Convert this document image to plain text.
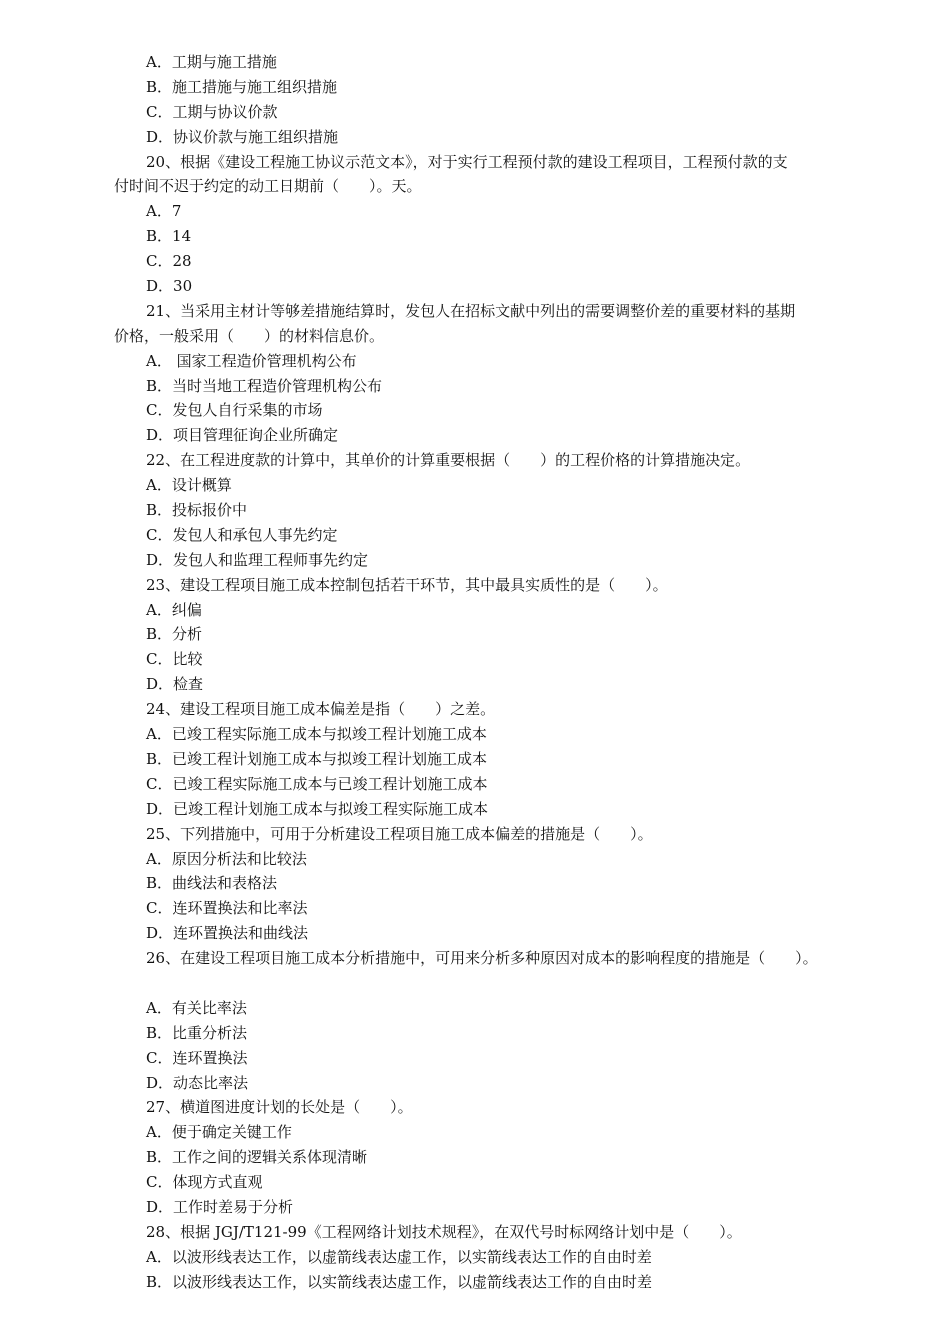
A．工期与施工措施
B．施工措施与施工组织措施
C．工期与协议价款
D．协议价款与施工组织措施
20、根据《建设工程施工协议示范文本》，对于实行工程预付款的建设工程项目，工程预付款的支
付时间不迟于约定的动工日期前（　　）。天。
A．7
B．14
C．28
D．30
21、当采用主材计等够差措施结算时，发包人在招标文献中列出的需要调整价差的重要材料的基期
价格，一般采用（　　）的材料信息价。
A． 国家工程造价管理机构公布
B．当时当地工程造价管理机构公布
C．发包人自行采集的市场
D．项目管理征询企业所确定
22、在工程进度款的计算中，其单价的计算重要根据（　　）的工程价格的计算措施决定。
A．设计概算
B．投标报价中
C．发包人和承包人事先约定
D．发包人和监理工程师事先约定
23、建设工程项目施工成本控制包括若干环节，其中最具实质性的是（　　）。
A．纠偏
B．分析
C．比较
D．检查
24、建设工程项目施工成本偏差是指（　　）之差。
A．已竣工程实际施工成本与拟竣工程计划施工成本
B．已竣工程计划施工成本与拟竣工程计划施工成本
C．已竣工程实际施工成本与已竣工程计划施工成本
D．已竣工程计划施工成本与拟竣工程实际施工成本
25、下列措施中，可用于分析建设工程项目施工成本偏差的措施是（　　）。
A．原因分析法和比较法
B．曲线法和表格法
C．连环置换法和比率法
D．连环置换法和曲线法
26、在建设工程项目施工成本分析措施中，可用来分析多种原因对成本的影响程度的措施是（　　）。
A．有关比率法
B．比重分析法
C．连环置换法
D．动态比率法
27、横道图进度计划的长处是（　　）。
A．便于确定关键工作
B．工作之间的逻辑关系体现清晰
C．体现方式直观
D．工作时差易于分析
28、根据 JGJ/T121-99《工程网络计划技术规程》，在双代号时标网络计划中是（　　）。
A．以波形线表达工作，以虚箭线表达虚工作，以实箭线表达工作的自由时差
B．以波形线表达工作，以实箭线表达虚工作，以虚箭线表达工作的自由时差
